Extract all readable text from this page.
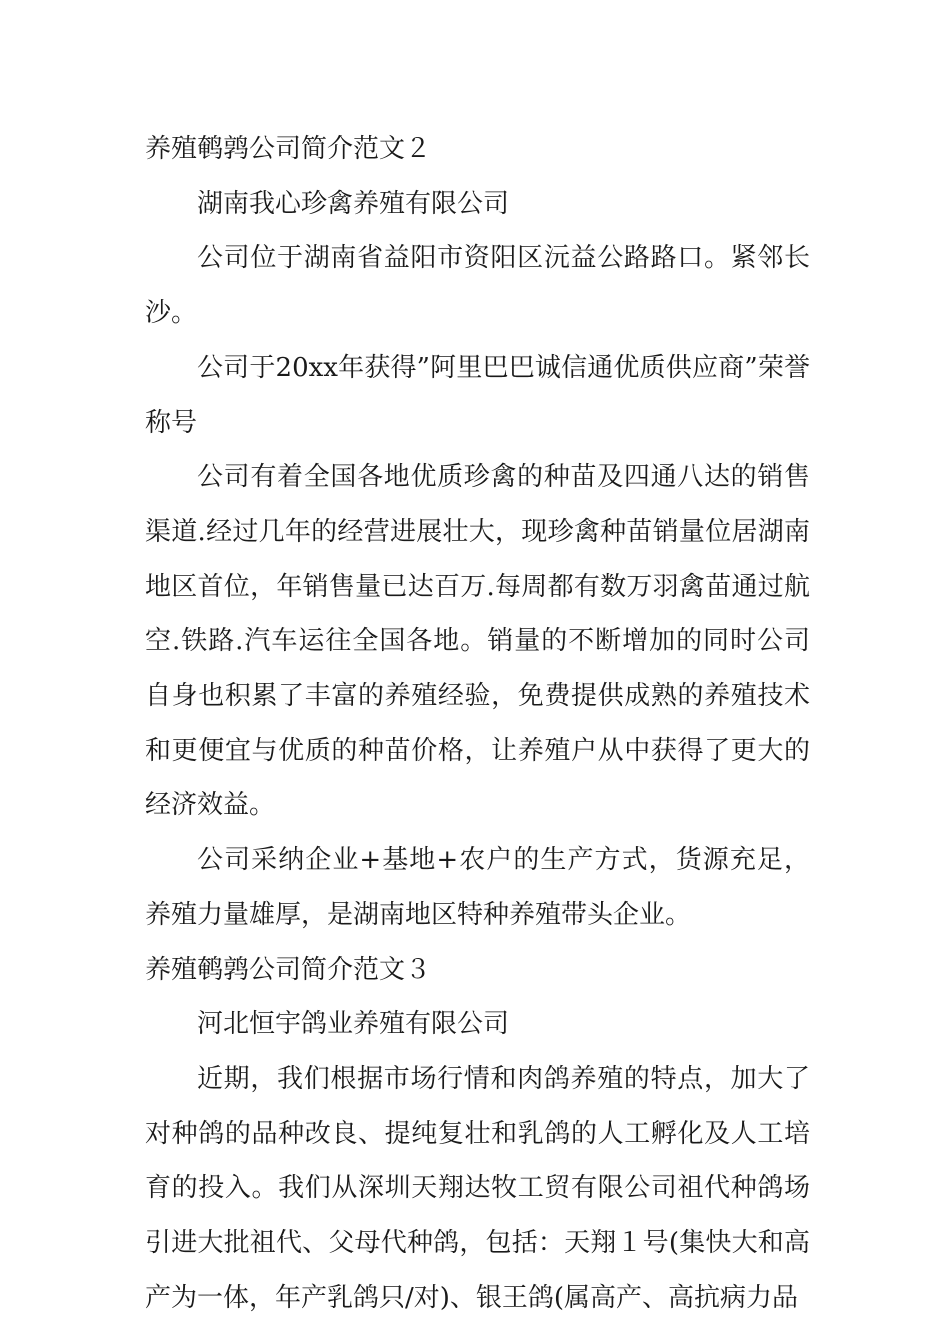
养殖鹌鹑公司简介范文２

湖南我心珍禽养殖有限公司

公司位于湖南省益阳市资阳区沅益公路路口。紧邻长沙。

公司于20xx年获得”阿里巴巴诚信通优质供应商”荣誉称号

公司有着全国各地优质珍禽的种苗及四通八达的销售渠道.经过几年的经营进展壮大，现珍禽种苗销量位居湖南地区首位，年销售量已达百万.每周都有数万羽禽苗通过航空.铁路.汽车运往全国各地。销量的不断增加的同时公司自身也积累了丰富的养殖经验，免费提供成熟的养殖技术和更便宜与优质的种苗价格，让养殖户从中获得了更大的经济效益。

公司采纳企业+基地+农户的生产方式，货源充足，养殖力量雄厚，是湖南地区特种养殖带头企业。

养殖鹌鹑公司简介范文３

河北恒宇鸽业养殖有限公司

近期，我们根据市场行情和肉鸽养殖的特点，加大了对种鸽的品种改良、提纯复壮和乳鸽的人工孵化及人工培育的投入。我们从深圳天翔达牧工贸有限公司祖代种鸽场引进大批祖代、父母代种鸽，包括：天翔１号(集快大和高产为一体，年产乳鸽只/对)、银王鸽(属高产、高抗病力品
